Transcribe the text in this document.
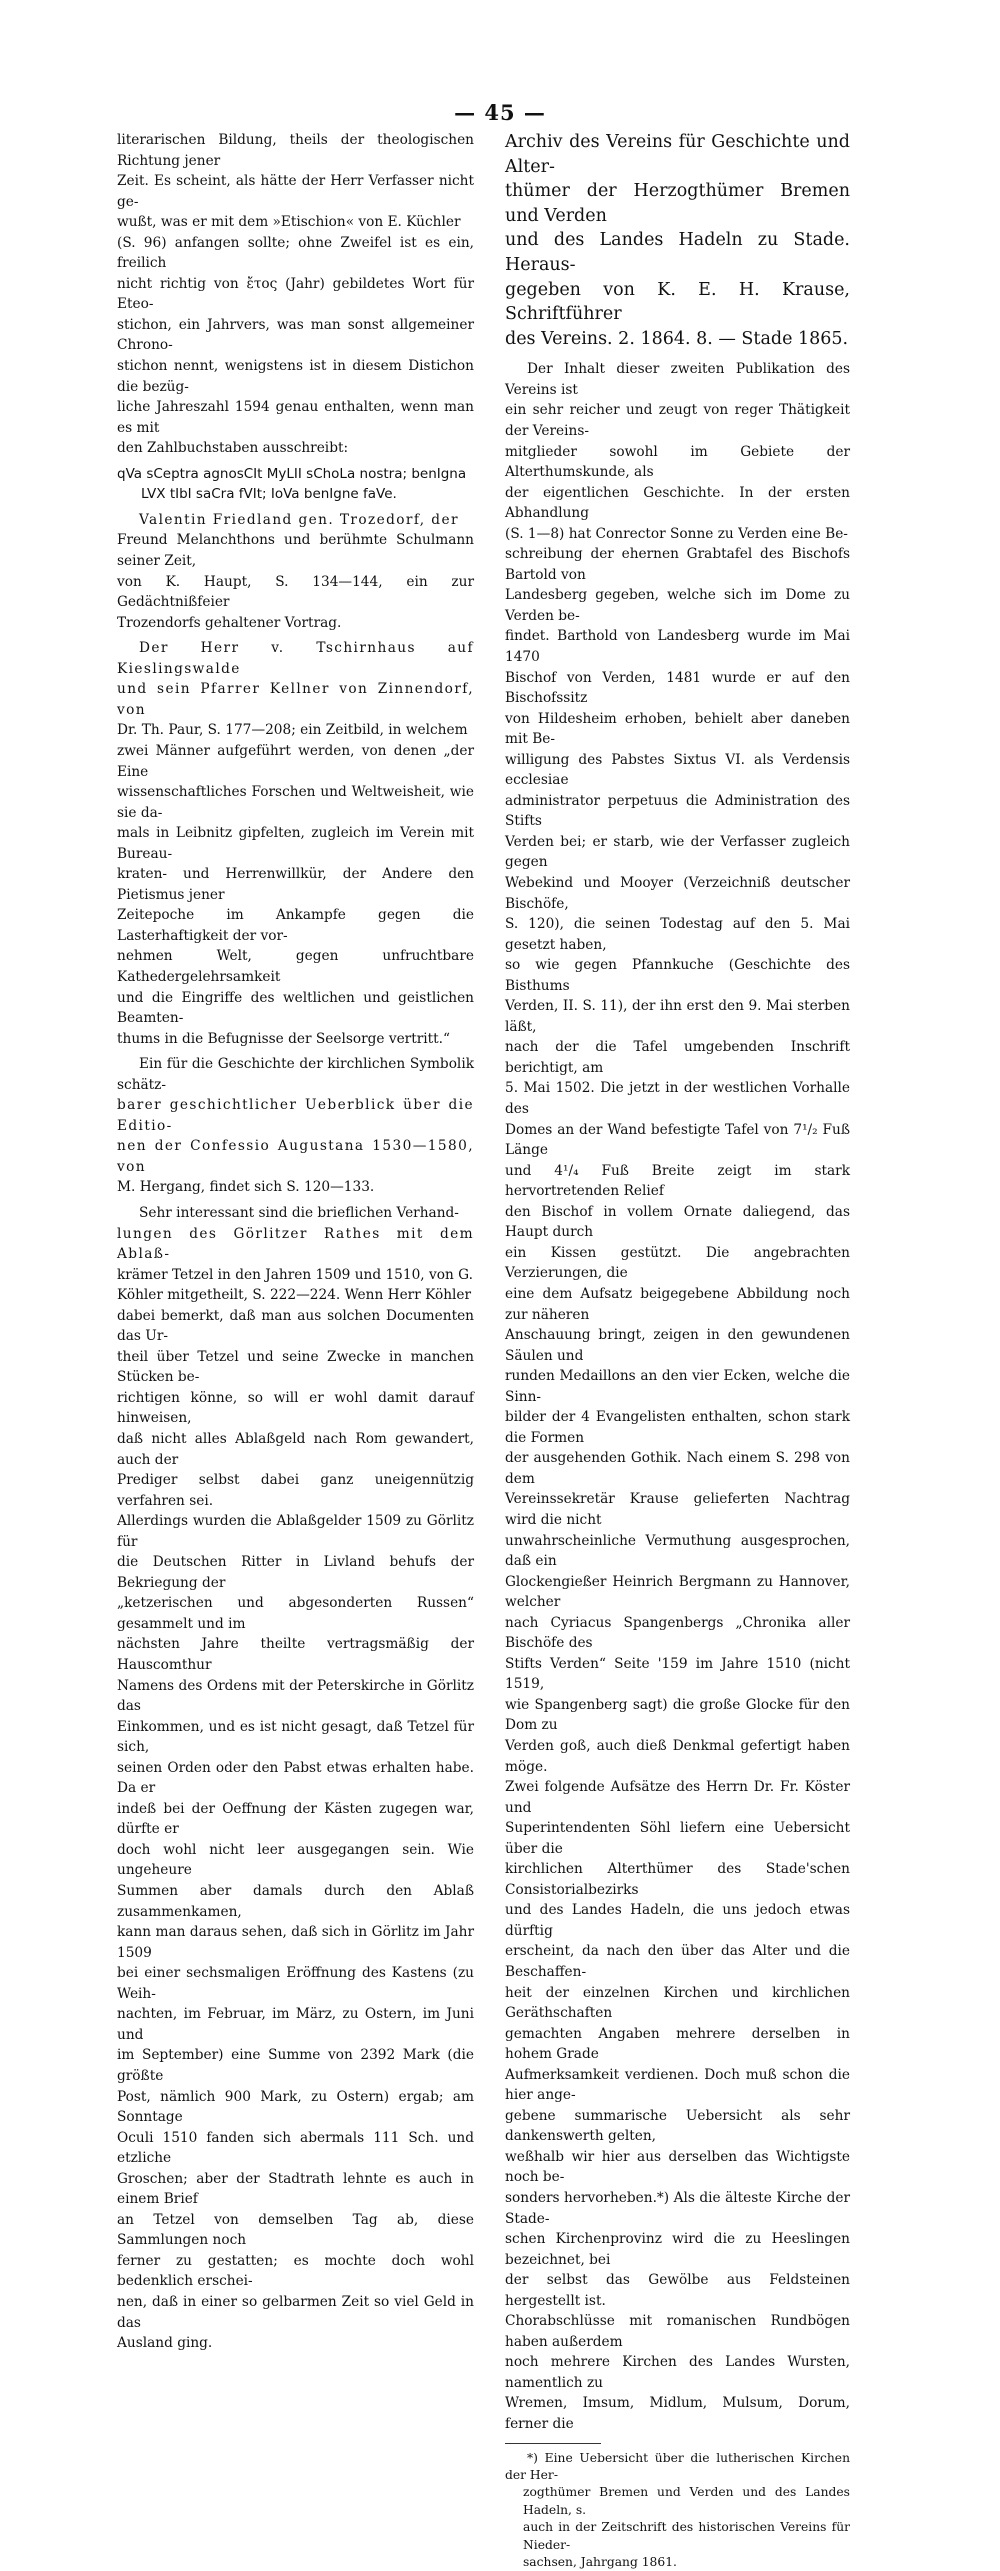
— 45 —

literarischen Bildung, theils der theologischen Richtung jener

Zeit. Es scheint, als hätte der Herr Verfasser nicht ge-

wußt, was er mit dem »Etischion« von E. Küchler

(S. 96) anfangen sollte; ohne Zweifel ist es ein, freilich

nicht richtig von ἔτος (Jahr) gebildetes Wort für Eteo-

stichon, ein Jahrvers, was man sonst allgemeiner Chrono-

stichon nennt, wenigstens ist in diesem Distichon die bezüg-

liche Jahreszahl 1594 genau enthalten, wenn man es mit

den Zahlbuchstaben ausschreibt:

qVa sCeptra agnosCIt MyLII sChoLa nostra; benIgna

LVX tIbI saCra fVIt; IoVa benIgne faVe.

Valentin Friedland gen. Trozedorf, der

Freund Melanchthons und berühmte Schulmann seiner Zeit,

von K. Haupt, S. 134—144, ein zur Gedächtnißfeier

Trozendorfs gehaltener Vortrag.

Der Herr v. Tschirnhaus auf Kieslingswalde

und sein Pfarrer Kellner von Zinnendorf, von

Dr. Th. Paur, S. 177—208; ein Zeitbild, in welchem

zwei Männer aufgeführt werden, von denen „der Eine

wissenschaftliches Forschen und Weltweisheit, wie sie da-

mals in Leibnitz gipfelten, zugleich im Verein mit Bureau-

kraten- und Herrenwillkür, der Andere den Pietismus jener

Zeitepoche im Ankampfe gegen die Lasterhaftigkeit der vor-

nehmen Welt, gegen unfruchtbare Kathedergelehrsamkeit

und die Eingriffe des weltlichen und geistlichen Beamten-

thums in die Befugnisse der Seelsorge vertritt.“

Ein für die Geschichte der kirchlichen Symbolik schätz-

barer geschichtlicher Ueberblick über die Editio-

nen der Confessio Augustana 1530—1580, von

M. Hergang, findet sich S. 120—133.

Sehr interessant sind die brieflichen Verhand-

lungen des Görlitzer Rathes mit dem Ablaß-

krämer Tetzel in den Jahren 1509 und 1510, von G.

Köhler mitgetheilt, S. 222—224. Wenn Herr Köhler

dabei bemerkt, daß man aus solchen Documenten das Ur-

theil über Tetzel und seine Zwecke in manchen Stücken be-

richtigen könne, so will er wohl damit darauf hinweisen,

daß nicht alles Ablaßgeld nach Rom gewandert, auch der

Prediger selbst dabei ganz uneigennützig verfahren sei.

Allerdings wurden die Ablaßgelder 1509 zu Görlitz für

die Deutschen Ritter in Livland behufs der Bekriegung der

„ketzerischen und abgesonderten Russen“ gesammelt und im

nächsten Jahre theilte vertragsmäßig der Hauscomthur

Namens des Ordens mit der Peterskirche in Görlitz das

Einkommen, und es ist nicht gesagt, daß Tetzel für sich,

seinen Orden oder den Pabst etwas erhalten habe. Da er

indeß bei der Oeffnung der Kästen zugegen war, dürfte er

doch wohl nicht leer ausgegangen sein. Wie ungeheure

Summen aber damals durch den Ablaß zusammenkamen,

kann man daraus sehen, daß sich in Görlitz im Jahr 1509

bei einer sechsmaligen Eröffnung des Kastens (zu Weih-

nachten, im Februar, im März, zu Ostern, im Juni und

im September) eine Summe von 2392 Mark (die größte

Post, nämlich 900 Mark, zu Ostern) ergab; am Sonntage

Oculi 1510 fanden sich abermals 111 Sch. und etzliche

Groschen; aber der Stadtrath lehnte es auch in einem Brief

an Tetzel von demselben Tag ab, diese Sammlungen noch

ferner zu gestatten; es mochte doch wohl bedenklich erschei-

nen, daß in einer so gelbarmen Zeit so viel Geld in das

Ausland ging.

Archiv des Vereins für Geschichte und Alter-

thümer der Herzogthümer Bremen und Verden

und des Landes Hadeln zu Stade. Heraus-

gegeben von K. E. H. Krause, Schriftführer

des Vereins. 2. 1864. 8. — Stade 1865.

Der Inhalt dieser zweiten Publikation des Vereins ist

ein sehr reicher und zeugt von reger Thätigkeit der Vereins-

mitglieder sowohl im Gebiete der Alterthumskunde, als

der eigentlichen Geschichte. In der ersten Abhandlung

(S. 1—8) hat Conrector Sonne zu Verden eine Be-

schreibung der ehernen Grabtafel des Bischofs Bartold von

Landesberg gegeben, welche sich im Dome zu Verden be-

findet. Barthold von Landesberg wurde im Mai 1470

Bischof von Verden, 1481 wurde er auf den Bischofssitz

von Hildesheim erhoben, behielt aber daneben mit Be-

willigung des Pabstes Sixtus VI. als Verdensis ecclesiae

administrator perpetuus die Administration des Stifts

Verden bei; er starb, wie der Verfasser zugleich gegen

Webekind und Mooyer (Verzeichniß deutscher Bischöfe,

S. 120), die seinen Todestag auf den 5. Mai gesetzt haben,

so wie gegen Pfannkuche (Geschichte des Bisthums

Verden, II. S. 11), der ihn erst den 9. Mai sterben läßt,

nach der die Tafel umgebenden Inschrift berichtigt, am

5. Mai 1502. Die jetzt in der westlichen Vorhalle des

Domes an der Wand befestigte Tafel von 7¹/₂ Fuß Länge

und 4¹/₄ Fuß Breite zeigt im stark hervortretenden Relief

den Bischof in vollem Ornate daliegend, das Haupt durch

ein Kissen gestützt. Die angebrachten Verzierungen, die

eine dem Aufsatz beigegebene Abbildung noch zur näheren

Anschauung bringt, zeigen in den gewundenen Säulen und

runden Medaillons an den vier Ecken, welche die Sinn-

bilder der 4 Evangelisten enthalten, schon stark die Formen

der ausgehenden Gothik. Nach einem S. 298 von dem

Vereinssekretär Krause gelieferten Nachtrag wird die nicht

unwahrscheinliche Vermuthung ausgesprochen, daß ein

Glockengießer Heinrich Bergmann zu Hannover, welcher

nach Cyriacus Spangenbergs „Chronika aller Bischöfe des

Stifts Verden“ Seite '159 im Jahre 1510 (nicht 1519,

wie Spangenberg sagt) die große Glocke für den Dom zu

Verden goß, auch dieß Denkmal gefertigt haben möge.

Zwei folgende Aufsätze des Herrn Dr. Fr. Köster und

Superintendenten Söhl liefern eine Uebersicht über die

kirchlichen Alterthümer des Stade'schen Consistorialbezirks

und des Landes Hadeln, die uns jedoch etwas dürftig

erscheint, da nach den über das Alter und die Beschaffen-

heit der einzelnen Kirchen und kirchlichen Geräthschaften

gemachten Angaben mehrere derselben in hohem Grade

Aufmerksamkeit verdienen. Doch muß schon die hier ange-

gebene summarische Uebersicht als sehr dankenswerth gelten,

weßhalb wir hier aus derselben das Wichtigste noch be-

sonders hervorheben.*) Als die älteste Kirche der Stade-

schen Kirchenprovinz wird die zu Heeslingen bezeichnet, bei

der selbst das Gewölbe aus Feldsteinen hergestellt ist.

Chorabschlüsse mit romanischen Rundbögen haben außerdem

noch mehrere Kirchen des Landes Wursten, namentlich zu

Wremen, Imsum, Midlum, Mulsum, Dorum, ferner die

*) Eine Uebersicht über die lutherischen Kirchen der Her-

zogthümer Bremen und Verden und des Landes Hadeln, s.

auch in der Zeitschrift des historischen Vereins für Nieder-

sachsen, Jahrgang 1861.
